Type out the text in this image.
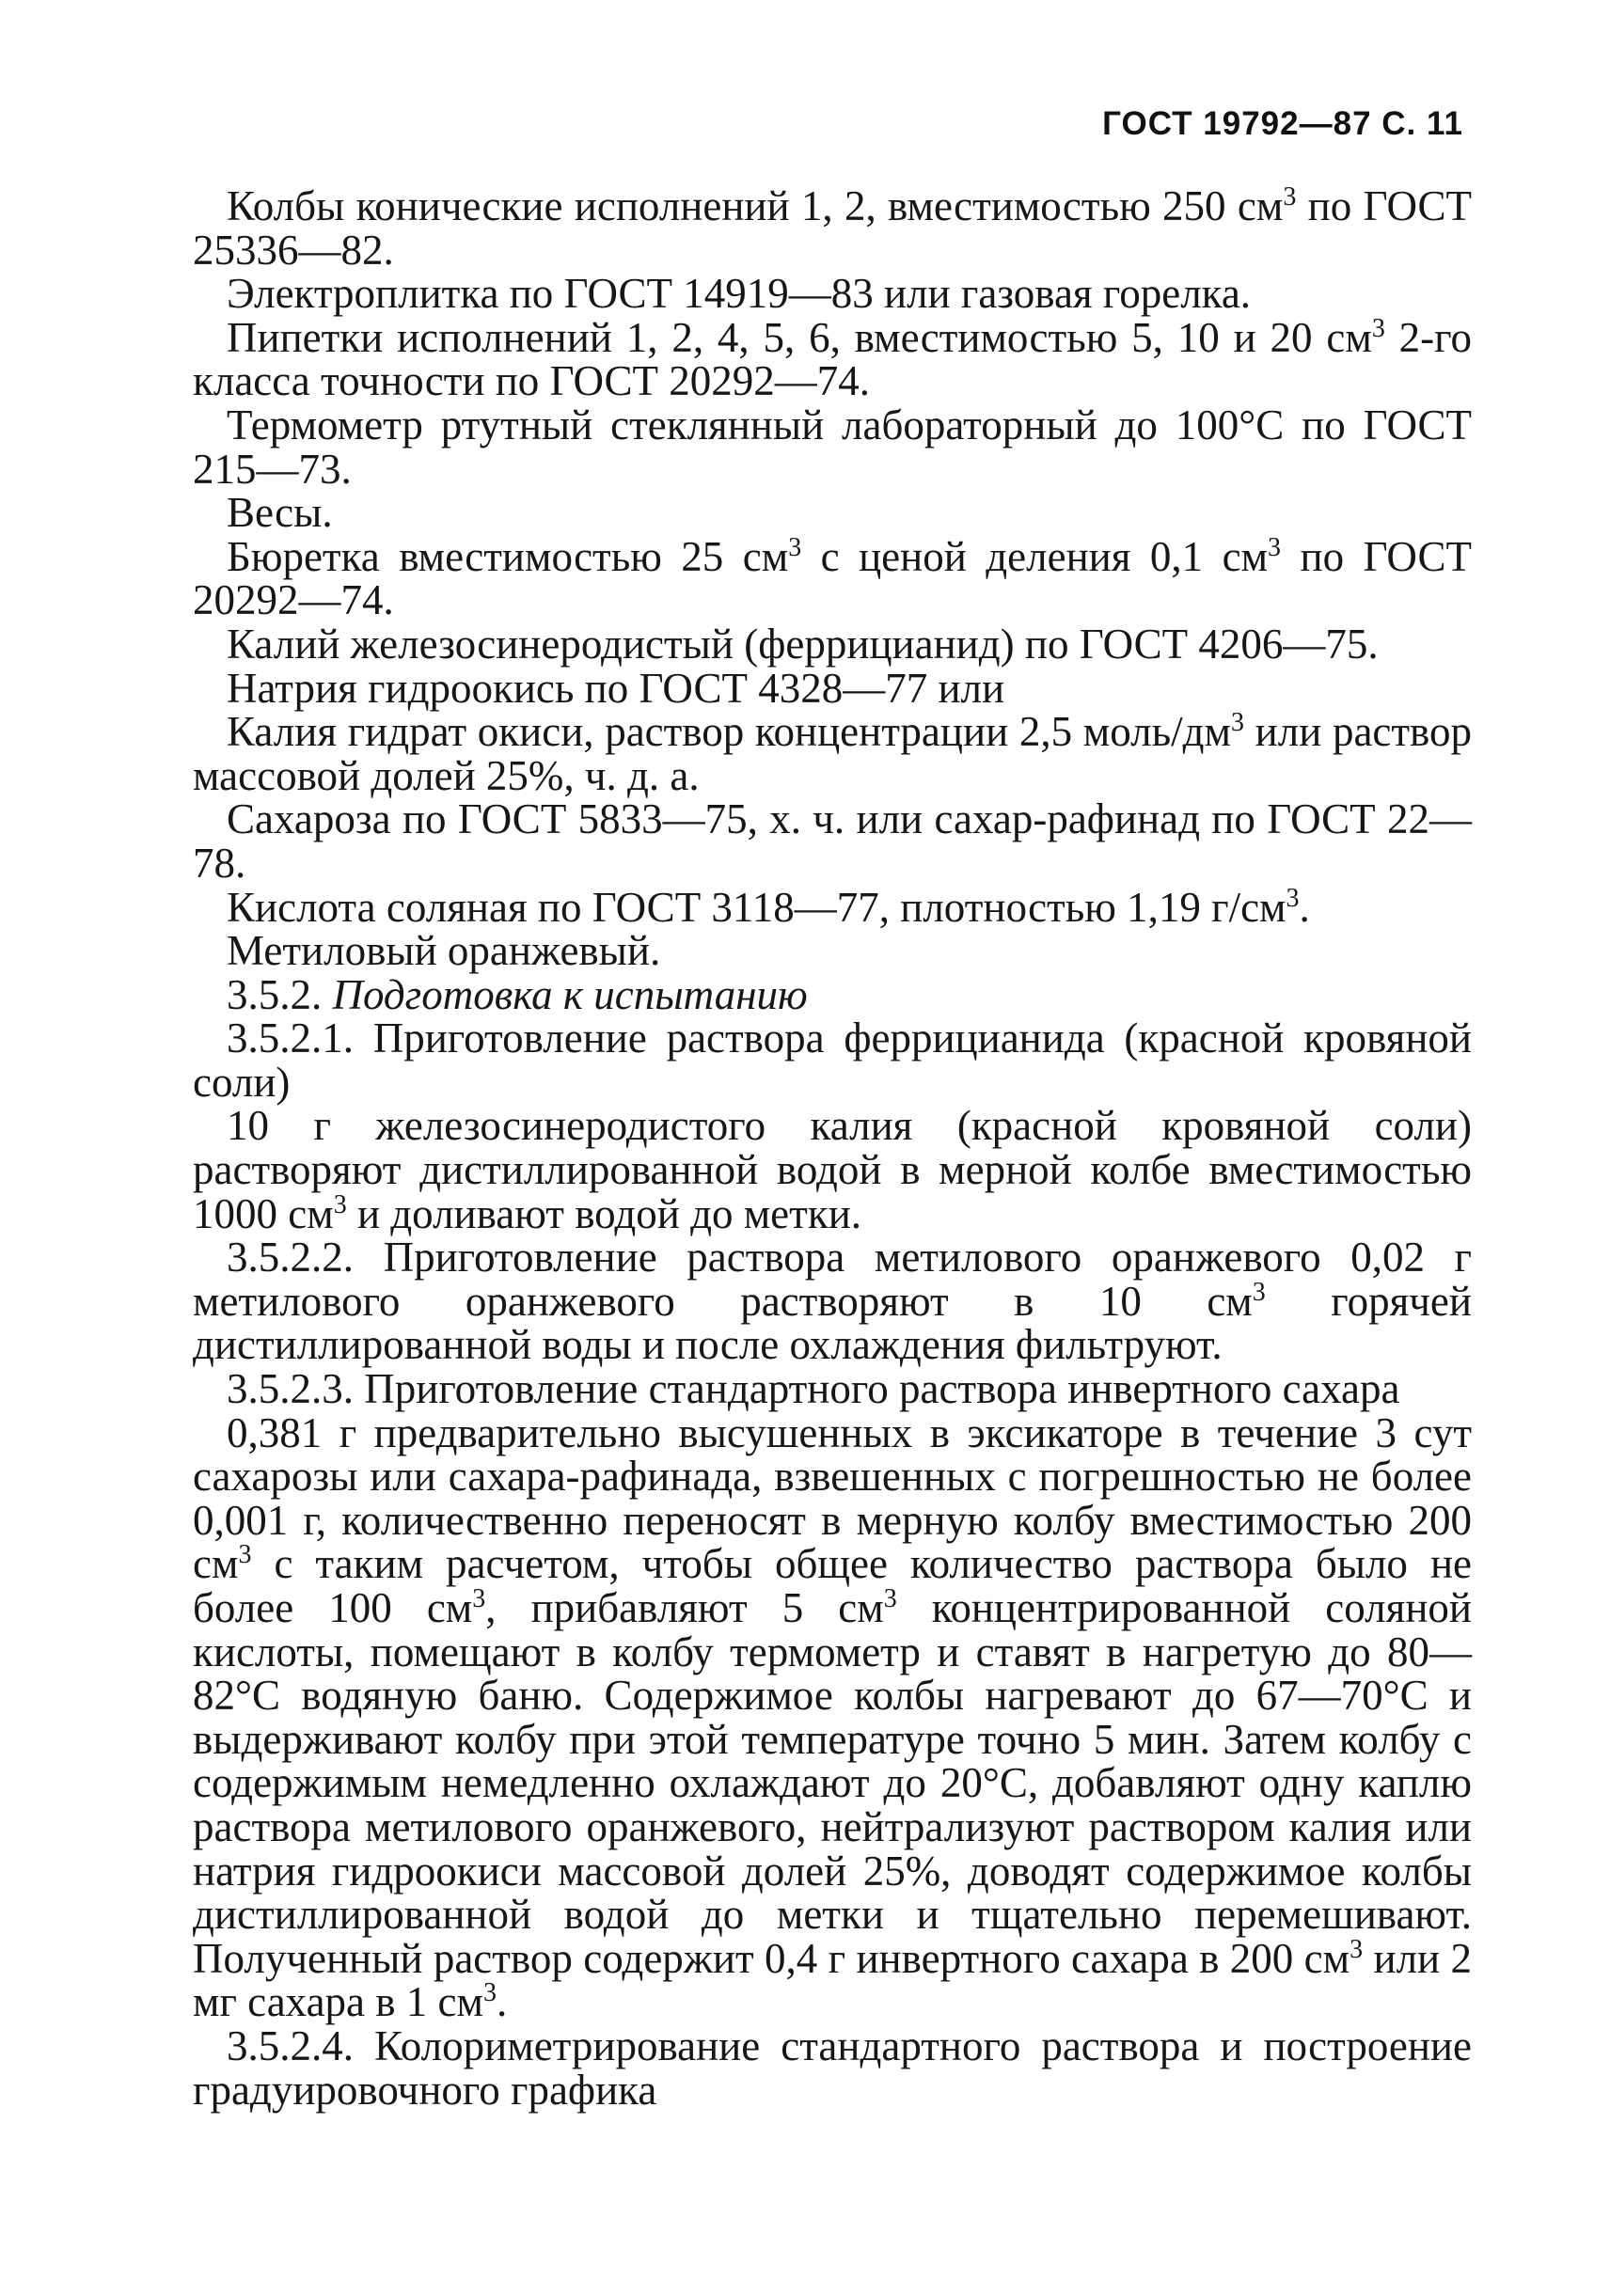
ГОСТ 19792—87 С. 11

Колбы конические исполнений 1, 2, вместимостью 250 $см^3$ по ГОСТ 25336—82.

Электроплитка по ГОСТ 14919—83 или газовая горелка.

Пипетки исполнений 1, 2, 4, 5, 6, вместимостью 5, 10 и 20 $см^3$ 2-го класса точности по ГОСТ 20292—74.

Термометр ртутный стеклянный лабораторный до 100°С по ГОСТ 215—73.

Весы.

Бюретка вместимостью 25 $см^3$ с ценой деления 0,1 $см^3$ по ГОСТ 20292—74.

Калий железосинеродистый (феррицианид) по ГОСТ 4206—75.

Натрия гидроокись по ГОСТ 4328—77 или

Калия гидрат окиси, раствор концентрации 2,5 моль/$дм^3$ или раствор массовой долей 25%, ч. д. а.

Сахароза по ГОСТ 5833—75, х. ч. или сахар-рафинад по ГОСТ 22—78.

Кислота соляная по ГОСТ 3118—77, плотностью 1,19 $г/см^3$.

Метиловый оранжевый.

3.5.2. Подготовка к испытанию

3.5.2.1. Приготовление раствора феррицианида (красной кровяной соли)

10 г железосинеродистого калия (красной кровяной соли) растворяют дистиллированной водой в мерной колбе вместимостью 1000 $см^3$ и доливают водой до метки.

3.5.2.2. Приготовление раствора метилового оранжевого 0,02 г метилового оранжевого растворяют в 10 $см^3$ горячей дистиллированной воды и после охлаждения фильтруют.

3.5.2.3. Приготовление стандартного раствора инвертного сахара

0,381 г предварительно высушенных в эксикаторе в течение 3 сут сахарозы или сахара-рафинада, взвешенных с погрешностью не более 0,001 г, количественно переносят в мерную колбу вместимостью 200 $см^3$ с таким расчетом, чтобы общее количество раствора было не более 100 $см^3$, прибавляют 5 $см^3$ концентрированной соляной кислоты, помещают в колбу термометр и ставят в нагретую до 80—82°С водяную баню. Содержимое колбы нагревают до 67—70°С и выдерживают колбу при этой температуре точно 5 мин. Затем колбу с содержимым немедленно охлаждают до 20°С, добавляют одну каплю раствора метилового оранжевого, нейтрализуют раствором калия или натрия гидроокиси массовой долей 25%, доводят содержимое колбы дистиллированной водой до метки и тщательно перемешивают. Полученный раствор содержит 0,4 г инвертного сахара в 200 $см^3$ или 2 мг сахара в 1 $см^3$.

3.5.2.4. Колориметрирование стандартного раствора и построение градуировочного графика
